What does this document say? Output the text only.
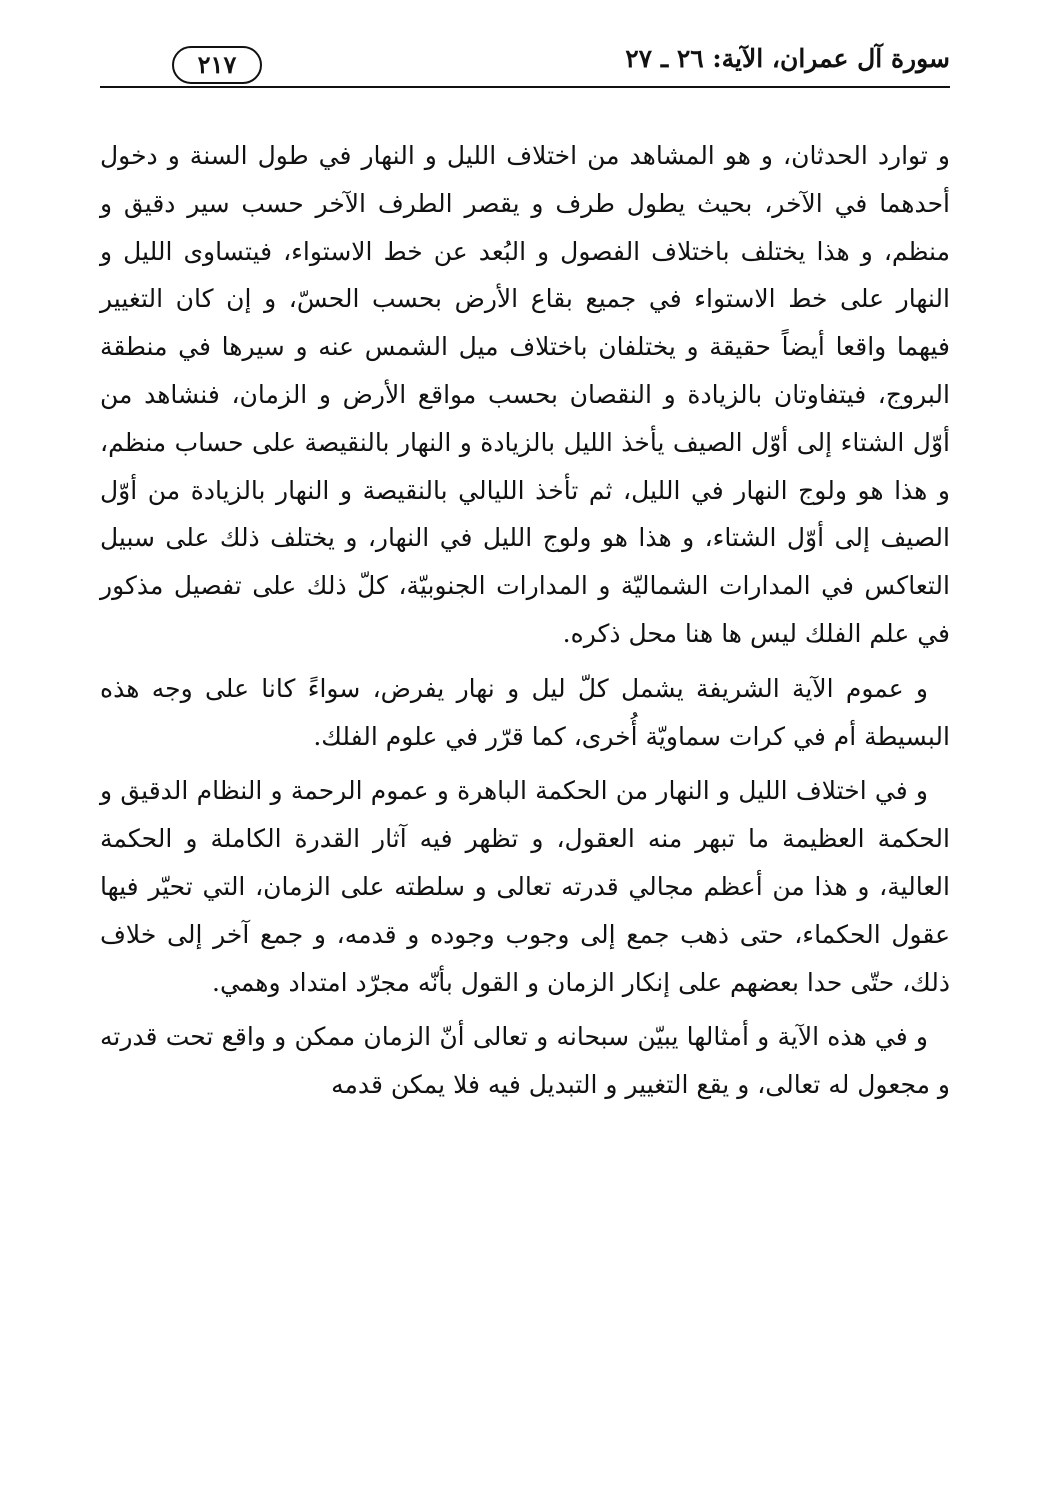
سورة آل عمران، الآية: ٢٦ ـ ٢٧
٢١٧

و توارد الحدثان، و هو المشاهد من اختلاف الليل و النهار في طول السنة و دخول أحدهما في الآخر، بحيث يطول طرف و يقصر الطرف الآخر حسب سير دقيق و منظم، و هذا يختلف باختلاف الفصول و البُعد عن خط الاستواء، فيتساوى الليل و النهار على خط الاستواء في جميع بقاع الأرض بحسب الحسّ، و إن كان التغيير فيهما واقعا أيضاً حقيقة و يختلفان باختلاف ميل الشمس عنه و سيرها في منطقة البروج، فيتفاوتان بالزيادة و النقصان بحسب مواقع الأرض و الزمان، فنشاهد من أوّل الشتاء إلى أوّل الصيف يأخذ الليل بالزيادة و النهار بالنقيصة على حساب منظم، و هذا هو ولوج النهار في الليل، ثم تأخذ الليالي بالنقيصة و النهار بالزيادة من أوّل الصيف إلى أوّل الشتاء، و هذا هو ولوج الليل في النهار، و يختلف ذلك على سبيل التعاكس في المدارات الشماليّة و المدارات الجنوبيّة، كلّ ذلك على تفصيل مذكور في علم الفلك ليس ها هنا محل ذكره.

و عموم الآية الشريفة يشمل كلّ ليل و نهار يفرض، سواءً كانا على وجه هذه البسيطة أم في كرات سماويّة أُخرى، كما قرّر في علوم الفلك.

و في اختلاف الليل و النهار من الحكمة الباهرة و عموم الرحمة و النظام الدقيق و الحكمة العظيمة ما تبهر منه العقول، و تظهر فيه آثار القدرة الكاملة و الحكمة العالية، و هذا من أعظم مجالي قدرته تعالى و سلطته على الزمان، التي تحيّر فيها عقول الحكماء، حتى ذهب جمع إلى وجوب وجوده و قدمه، و جمع آخر إلى خلاف ذلك، حتّى حدا بعضهم على إنكار الزمان و القول بأنّه مجرّد امتداد وهمي.

و في هذه الآية و أمثالها يبيّن سبحانه و تعالى أنّ الزمان ممكن و واقع تحت قدرته و مجعول له تعالى، و يقع التغيير و التبديل فيه فلا يمكن قدمه
